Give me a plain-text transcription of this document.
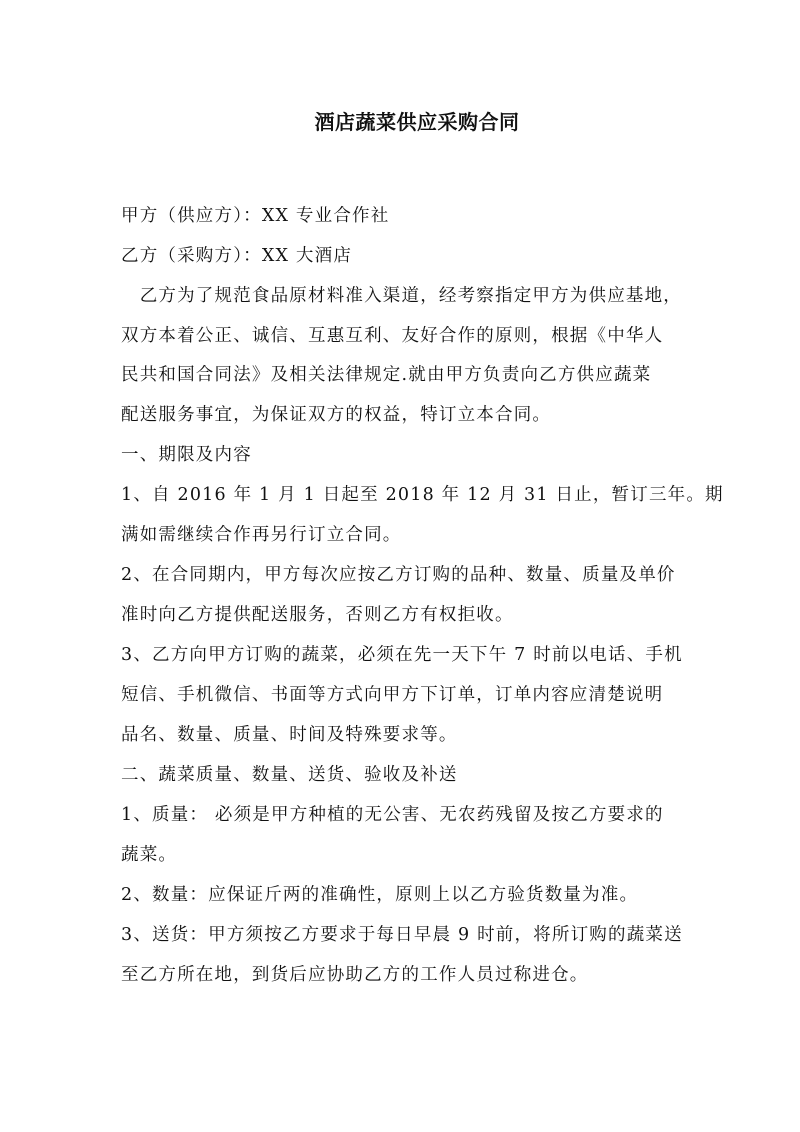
酒店蔬菜供应采购合同
甲方（供应方）：XX 专业合作社
乙方（采购方）：XX 大酒店
　乙方为了规范食品原材料准入渠道，经考察指定甲方为供应基地，
双方本着公正、诚信、互惠互利、友好合作的原则，根据《中华人
民共和国合同法》及相关法律规定.就由甲方负责向乙方供应蔬菜
配送服务事宜，为保证双方的权益，特订立本合同。
一、期限及内容
1、自 2016 年 1 月 1 日起至 2018 年 12 月 31 日止，暂订三年。期
满如需继续合作再另行订立合同。
2、在合同期内，甲方每次应按乙方订购的品种、数量、质量及单价
准时向乙方提供配送服务，否则乙方有权拒收。
3、乙方向甲方订购的蔬菜，必须在先一天下午 7 时前以电话、手机
短信、手机微信、书面等方式向甲方下订单，订单内容应清楚说明
品名、数量、质量、时间及特殊要求等。
二、蔬菜质量、数量、送货、验收及补送
1、质量： 必须是甲方种植的无公害、无农药残留及按乙方要求的
蔬菜。
2、数量：应保证斤两的准确性，原则上以乙方验货数量为准。
3、送货：甲方须按乙方要求于每日早晨 9 时前，将所订购的蔬菜送
至乙方所在地，到货后应协助乙方的工作人员过称进仓。
